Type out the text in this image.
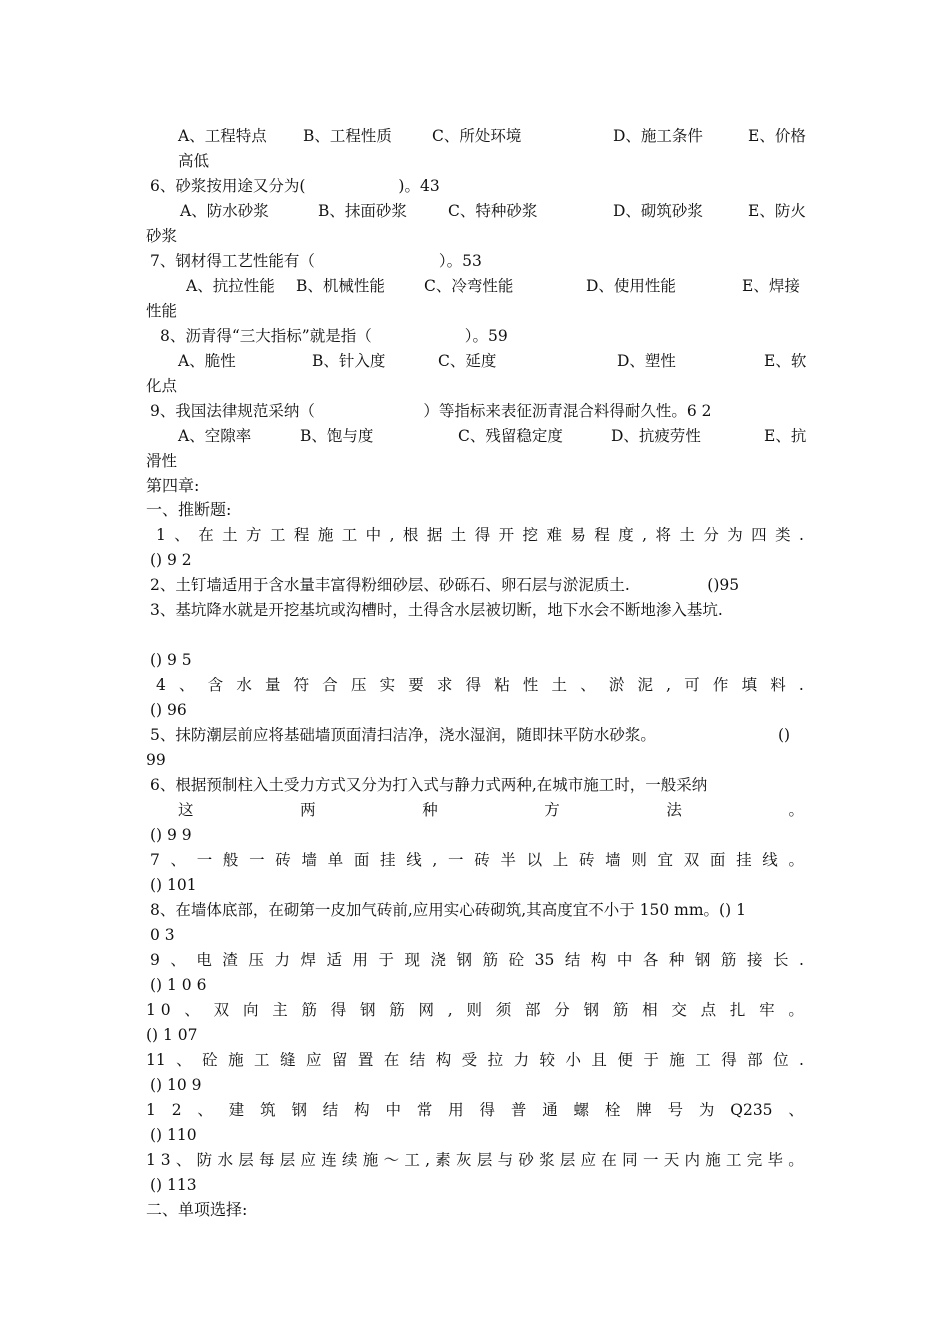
A、工程特点 B、工程性质	C、所处环境	D、施工条件	E、价格
高低
6、砂浆按用途又分为(　　　　　　)。43
A、防水砂浆	B、抹面砂浆	C、特种砂浆	D、砌筑砂浆	E、防火
砂浆
7、钢材得工艺性能有（　　　　　　　　）。53
A、抗拉性能 B、机械性能	C、冷弯性能	D、使用性能	E、焊接
性能
8、沥青得“三大指标”就是指（　　　　　　）。59
A、脆性	B、针入度	C、延度	D、塑性	E、软
化点
9、我国法律规范采纳（　　　　　　　）等指标来表征沥青混合料得耐久性。6 2
A、空隙率	B、饱与度	C、残留稳定度	D、抗疲劳性	E、抗
滑性
第四章:
一、推断题:
1 、 在 土 方 工 程 施 工 中 , 根 据 土 得 开 挖 难 易 程 度 , 将 土 分 为 四 类 .
() 9 2
2、土钉墙适用于含水量丰富得粉细砂层、砂砾石、卵石层与淤泥质土.　　　　　()95
3、基坑降水就是开挖基坑或沟槽时，土得含水层被切断，地下水会不断地渗入基坑.
() 9 5
4 、 含 水 量 符 合 压 实 要 求 得 粘 性 土 、 淤 泥 , 可 作 填 料 .
() 96
5、抹防潮层前应将基础墙顶面清扫洁净，浇水湿润，随即抹平防水砂浆。	()
99
6、根据预制柱入土受力方式又分为打入式与静力式两种,在城市施工时，一般采纳
这	两	种	方	法	。
() 9 9
7 、 一 般 一 砖 墙 单 面 挂 线 , 一 砖 半 以 上 砖 墙 则 宜 双 面 挂 线 。
() 101
8、在墙体底部，在砌第一皮加气砖前,应用实心砖砌筑,其高度宜不小于 150 mm。() 1
0 3
9 、 电 渣 压 力 焊 适 用 于 现 浇 钢 筋 砼 35 结 构 中 各 种 钢 筋 接 长 .
() 1 0 6
1 0 、 双 向 主 筋 得 钢 筋 网 , 则 须 部 分 钢 筋 相 交 点 扎 牢 。
() 1 07
11 、 砼 施 工 缝 应 留 置 在 结 构 受 拉 力 较 小 且 便 于 施 工 得 部 位 .
() 10 9
1 2 、 建 筑 钢 结 构 中 常 用 得 普 通 螺 栓 牌 号 为 Q235 、
() 110
1 3 、 防 水 层 每 层 应 连 续 施 ～ 工 , 素 灰 层 与 砂 浆 层 应 在 同 一 天 内 施 工 完 毕 。
() 113
二、单项选择:
